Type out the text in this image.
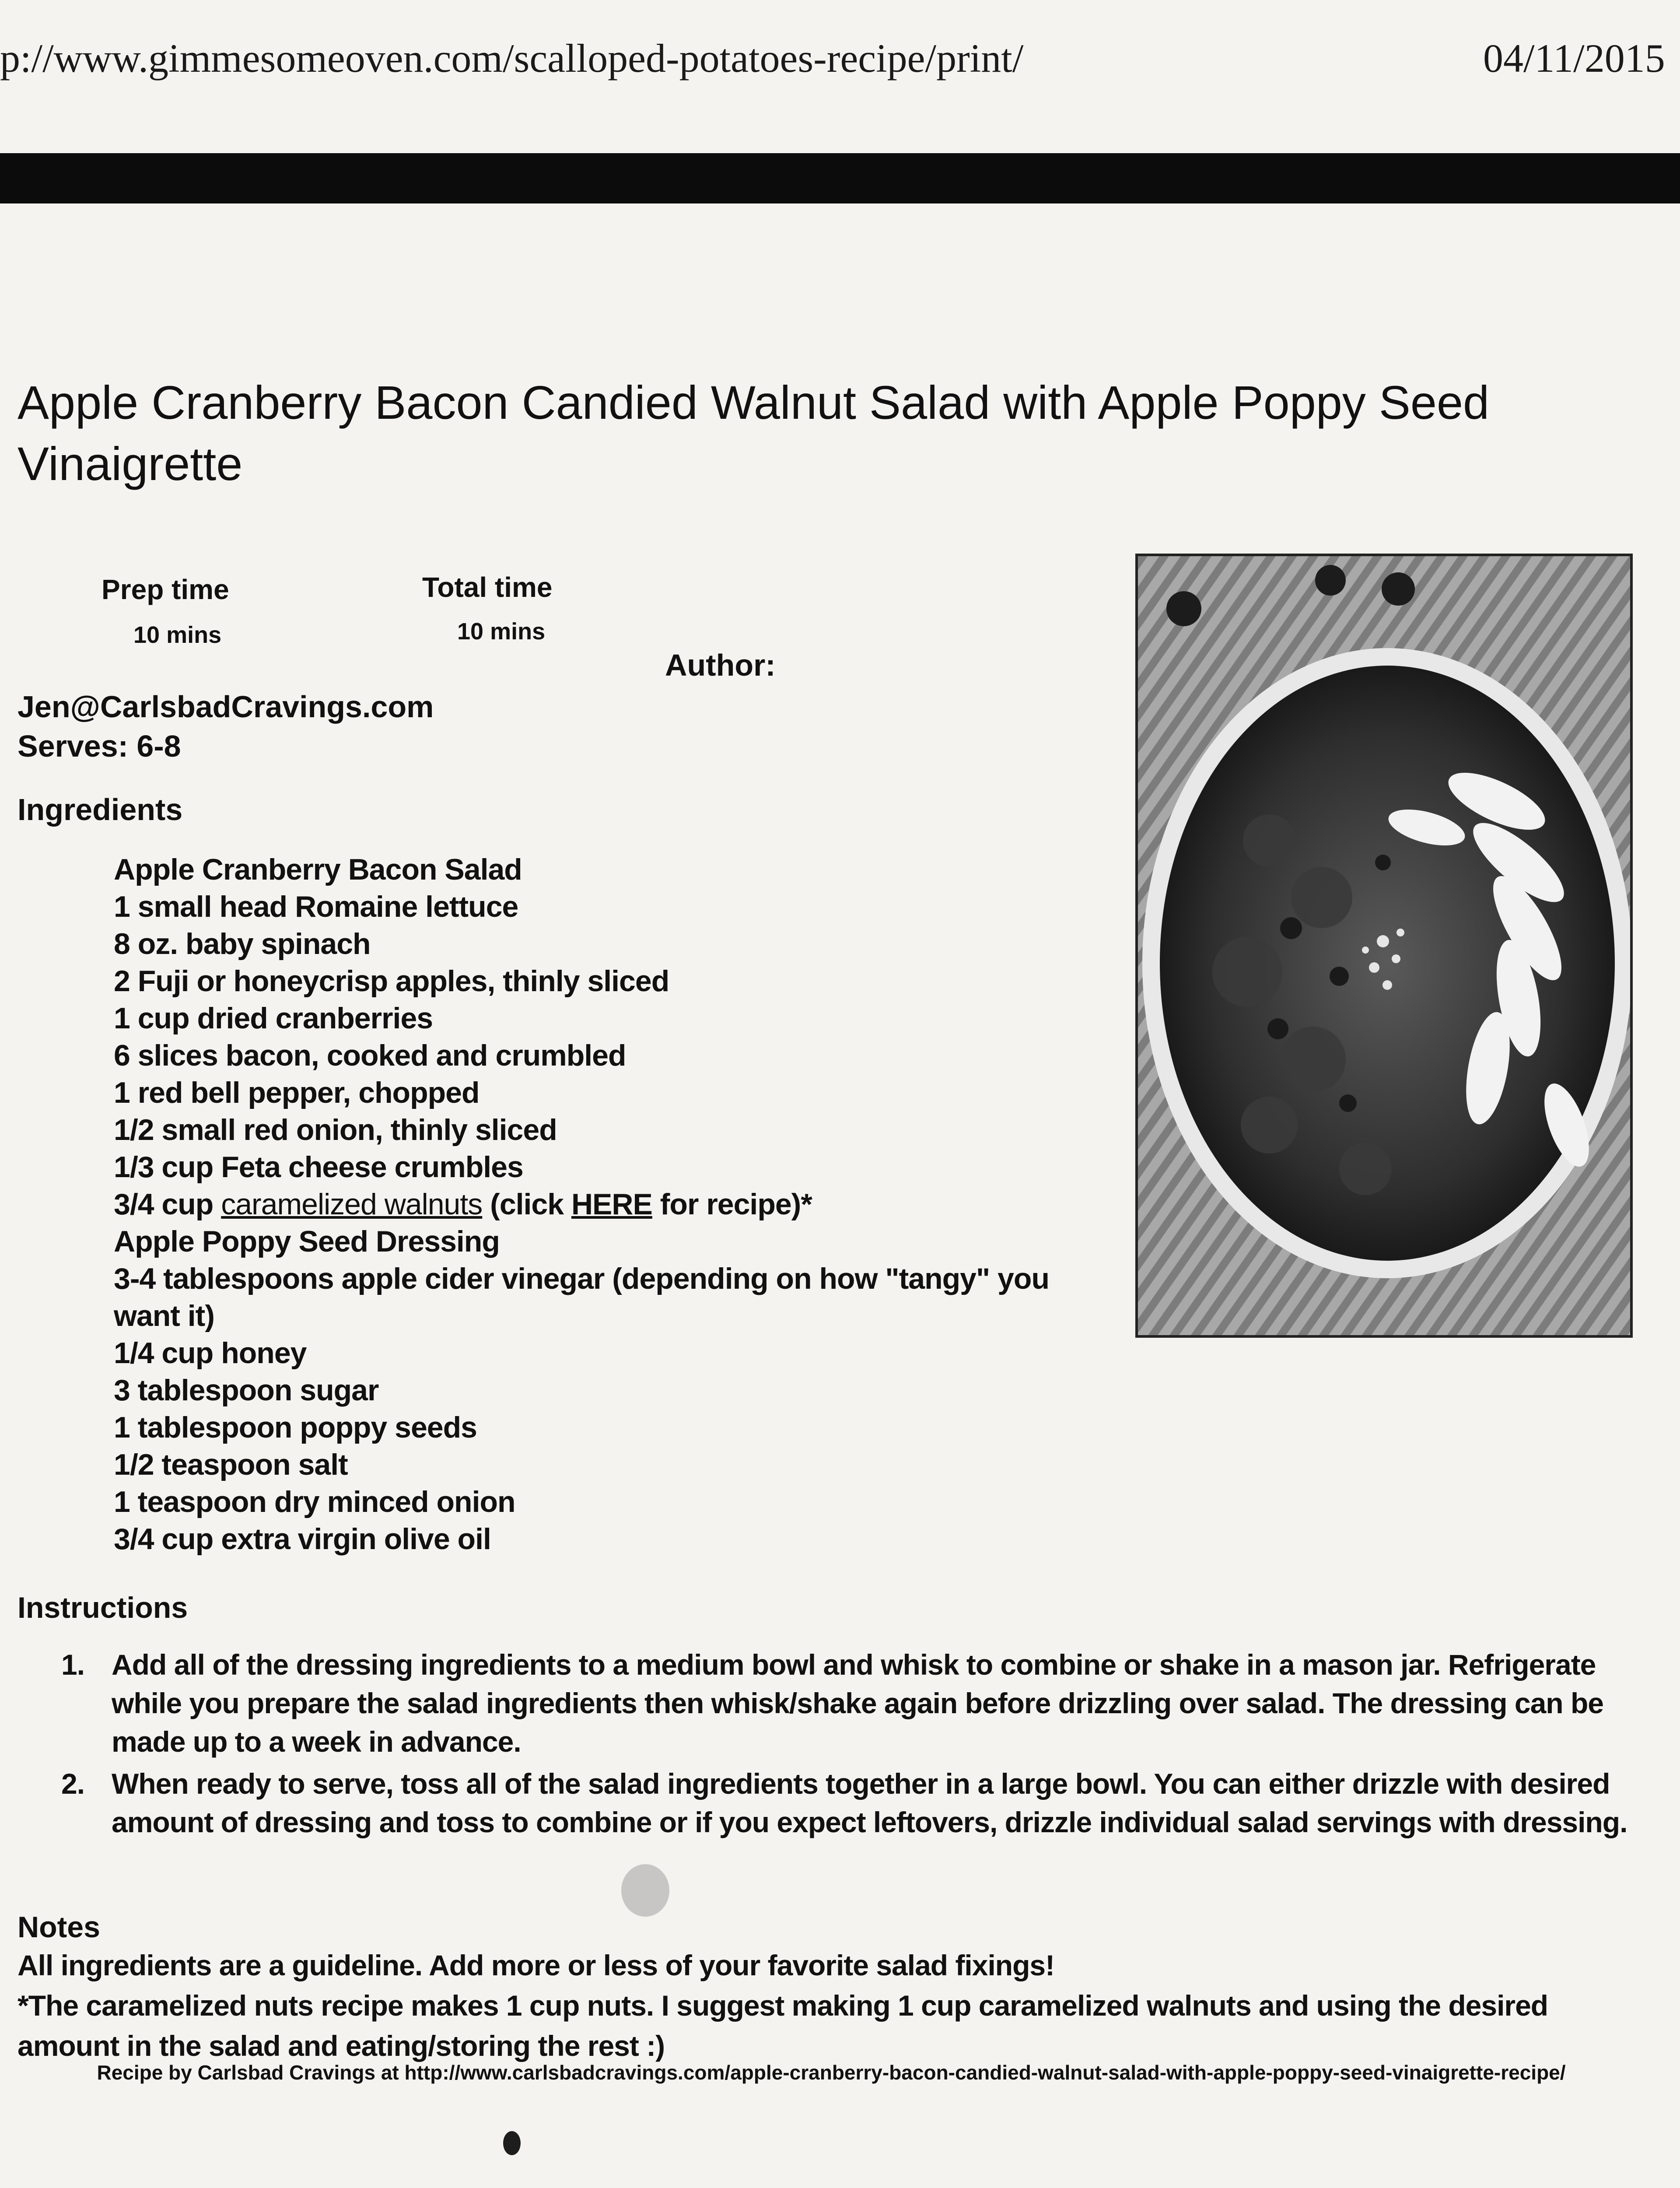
p://www.gimmesomeoven.com/scalloped-potatoes-recipe/print/	04/11/2015
Apple Cranberry Bacon Candied Walnut Salad with Apple Poppy Seed Vinaigrette
Prep time
10 mins
Total time
10 mins
Author:
Jen@CarlsbadCravings.com
Serves: 6-8
Ingredients
Apple Cranberry Bacon Salad
1 small head Romaine lettuce
8 oz. baby spinach
2 Fuji or honeycrisp apples, thinly sliced
1 cup dried cranberries
6 slices bacon, cooked and crumbled
1 red bell pepper, chopped
1/2 small red onion, thinly sliced
1/3 cup Feta cheese crumbles
3/4 cup caramelized walnuts (click HERE for recipe)*
Apple Poppy Seed Dressing
3-4 tablespoons apple cider vinegar (depending on how "tangy" you want it)
1/4 cup honey
3 tablespoon sugar
1 tablespoon poppy seeds
1/2 teaspoon salt
1 teaspoon dry minced onion
3/4 cup extra virgin olive oil
Instructions
1. Add all of the dressing ingredients to a medium bowl and whisk to combine or shake in a mason jar. Refrigerate while you prepare the salad ingredients then whisk/shake again before drizzling over salad. The dressing can be made up to a week in advance.
2. When ready to serve, toss all of the salad ingredients together in a large bowl. You can either drizzle with desired amount of dressing and toss to combine or if you expect leftovers, drizzle individual salad servings with dressing.
Notes
All ingredients are a guideline. Add more or less of your favorite salad fixings!
*The caramelized nuts recipe makes 1 cup nuts. I suggest making 1 cup caramelized walnuts and using the desired amount in the salad and eating/storing the rest :)
Recipe by Carlsbad Cravings at http://www.carlsbadcravings.com/apple-cranberry-bacon-candied-walnut-salad-with-apple-poppy-seed-vinaigrette-recipe/
